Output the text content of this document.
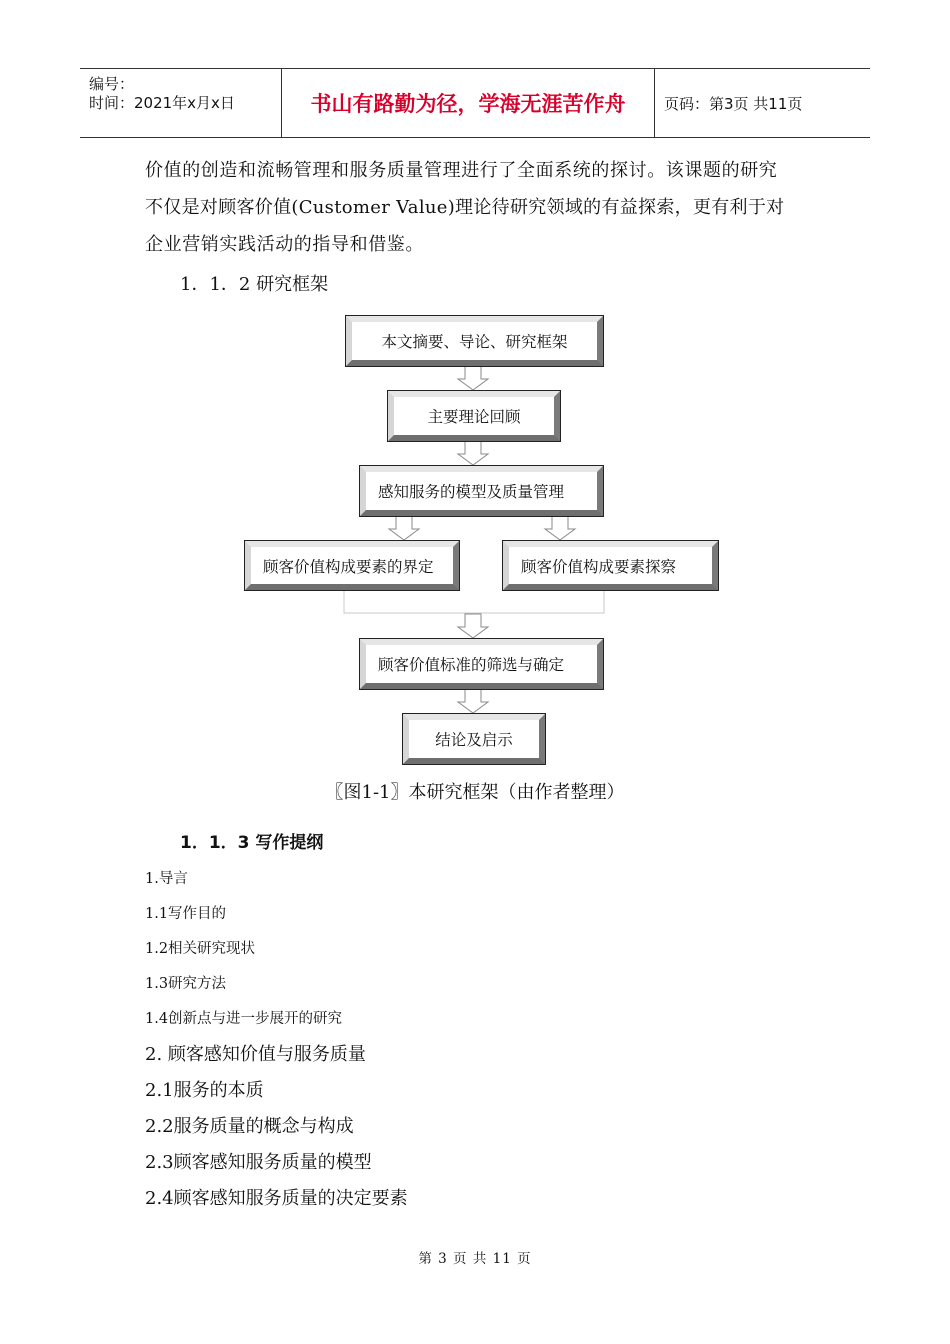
编号：
时间：2021年x月x日	书山有路勤为径，学海无涯苦作舟	页码：第3页 共11页
价值的创造和流畅管理和服务质量管理进行了全面系统的探讨。该课题的研究
不仅是对顾客价值(Customer Value)理论待研究领域的有益探索，更有利于对
企业营销实践活动的指导和借鉴。
1．1．2 研究框架
本文摘要、导论、研究框架
主要理论回顾
感知服务的模型及质量管理
顾客价值构成要素的界定	顾客价值构成要素探察
顾客价值标准的筛选与确定
结论及启示
〖图1-1〗本研究框架（由作者整理）
1．1．3 写作提纲
1.导言
1.1写作目的
1.2相关研究现状
1.3研究方法
1.4创新点与进一步展开的研究
2. 顾客感知价值与服务质量
2.1服务的本质
2.2服务质量的概念与构成
2.3顾客感知服务质量的模型
2.4顾客感知服务质量的决定要素
第 3 页 共 11 页
